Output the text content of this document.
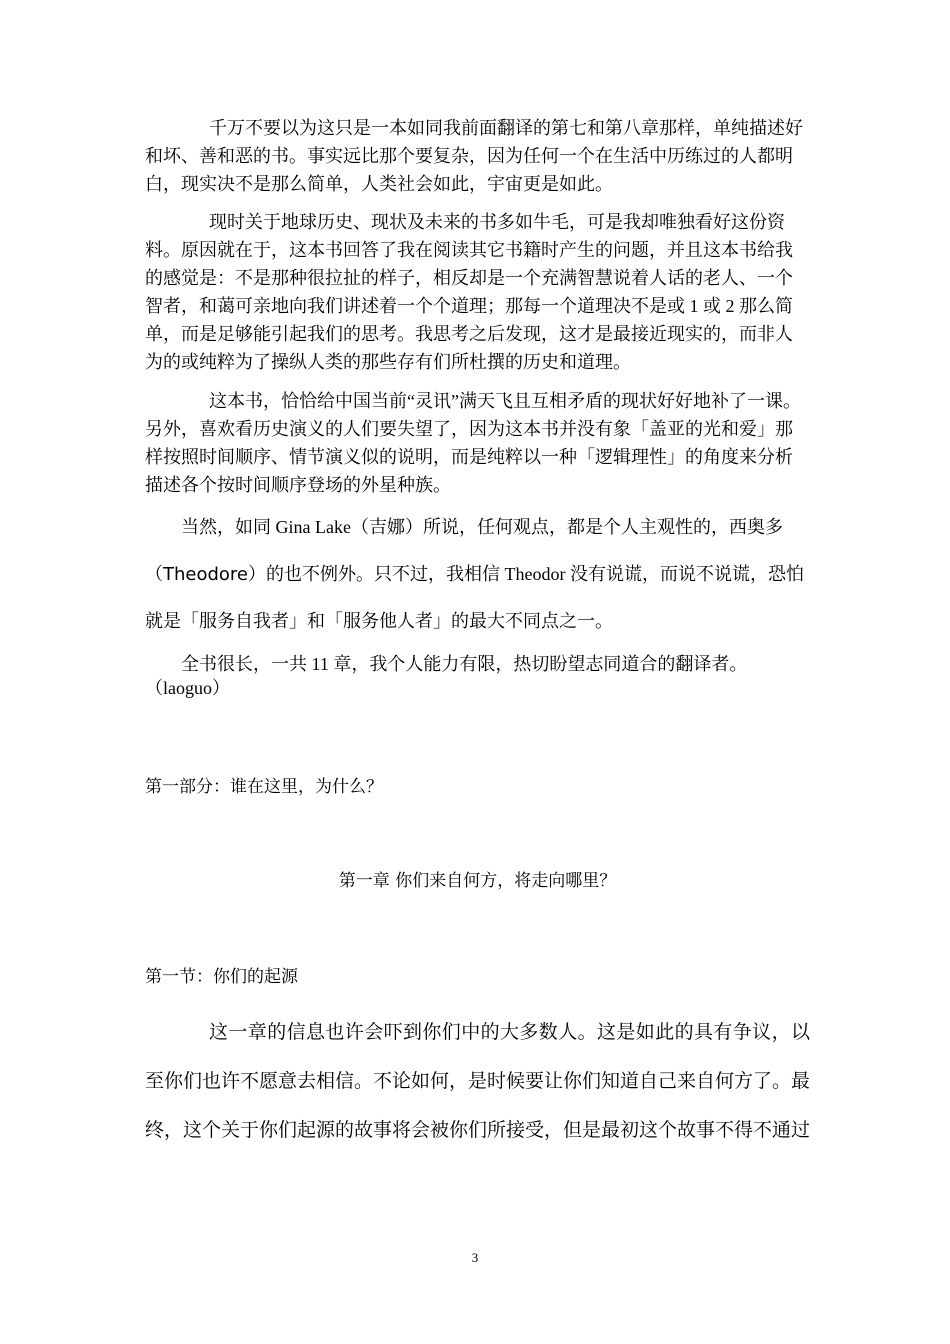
千万不要以为这只是一本如同我前面翻译的第七和第八章那样，单纯描述好和坏、善和恶的书。事实远比那个要复杂，因为任何一个在生活中历练过的人都明白，现实决不是那么简单，人类社会如此，宇宙更是如此。

现时关于地球历史、现状及未来的书多如牛毛，可是我却唯独看好这份资料。原因就在于，这本书回答了我在阅读其它书籍时产生的问题，并且这本书给我的感觉是：不是那种很拉扯的样子，相反却是一个充满智慧说着人话的老人、一个智者，和蔼可亲地向我们讲述着一个个道理；那每一个道理决不是或 1 或 2 那么简单，而是足够能引起我们的思考。我思考之后发现，这才是最接近现实的，而非人为的或纯粹为了操纵人类的那些存有们所杜撰的历史和道理。

这本书，恰恰给中国当前“灵讯”满天飞且互相矛盾的现状好好地补了一课。另外，喜欢看历史演义的人们要失望了，因为这本书并没有象「盖亚的光和爱」那样按照时间顺序、情节演义似的说明，而是纯粹以一种「逻辑理性」的角度来分析描述各个按时间顺序登场的外星种族。

当然，如同 Gina Lake（吉娜）所说，任何观点，都是个人主观性的，西奥多（Theodore）的也不例外。只不过，我相信 Theodor 没有说谎，而说不说谎，恐怕就是「服务自我者」和「服务他人者」的最大不同点之一。

全书很长，一共 11 章，我个人能力有限，热切盼望志同道合的翻译者。（laoguo）

第一部分：谁在这里，为什么？

第一章 你们来自何方，将走向哪里？

第一节：你们的起源

这一章的信息也许会吓到你们中的大多数人。这是如此的具有争议，以至你们也许不愿意去相信。不论如何，是时候要让你们知道自己来自何方了。最终，这个关于你们起源的故事将会被你们所接受，但是最初这个故事不得不通过

3
